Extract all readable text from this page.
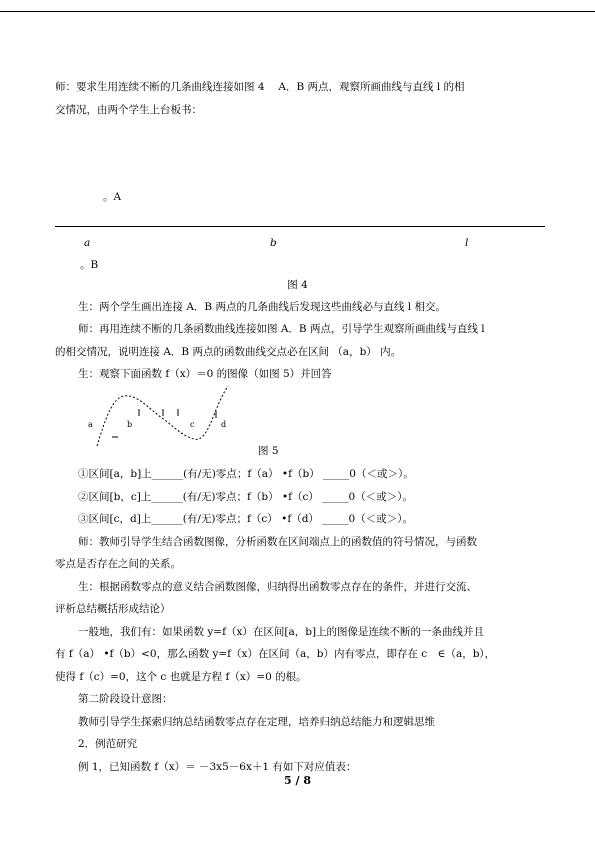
师：要求生用连续不断的几条曲线连接如图 4　 A．B 两点，观察所画曲线与直线 l 的相
交情况，由两个学生上台板书：
。A
a	b	l
。B
图 4
生：两个学生画出连接 A．B 两点的几条曲线后发现这些曲线必与直线 l 相交。
师：再用连续不断的几条函数曲线连接如图 A．B 两点，引导学生观察所画曲线与直线 l
的相交情况，说明连接 A．B 两点的函数曲线交点必在区间 （a，b） 内。
生：观察下面函数 f（x）＝0 的图像（如图 5）并回答
a	b	c	d
图 5
①区间[a，b]上______(有/无)零点；f（a） •f（b） _____0（＜或＞）。
②区间[b，c]上______(有/无)零点；f（b） •f（c） _____0（＜或＞）。
③区间[c，d]上______(有/无)零点；f（c） •f（d） _____0（＜或＞）。
师：教师引导学生结合函数图像，分析函数在区间端点上的函数值的符号情况，与函数
零点是否存在之间的关系。
生：根据函数零点的意义结合函数图像，归纳得出函数零点存在的条件，并进行交流、
评析总结概括形成结论）
一般地，我们有：如果函数 y=f（x）在区间[a，b]上的图像是连续不断的一条曲线并且
有 f（a） •f（b）<0，那么函数 y=f（x）在区间（a，b）内有零点，即存在 c　∈（a，b），
使得 f（c）=0，这个 c 也就是方程 f（x）=0 的根。
第二阶段设计意图：
教师引导学生探索归纳总结函数零点存在定理，培养归纳总结能力和逻辑思维
2．例范研究
例 1，已知函数 f（x）＝ －3x5－6x＋1 有如下对应值表：
5 / 8
